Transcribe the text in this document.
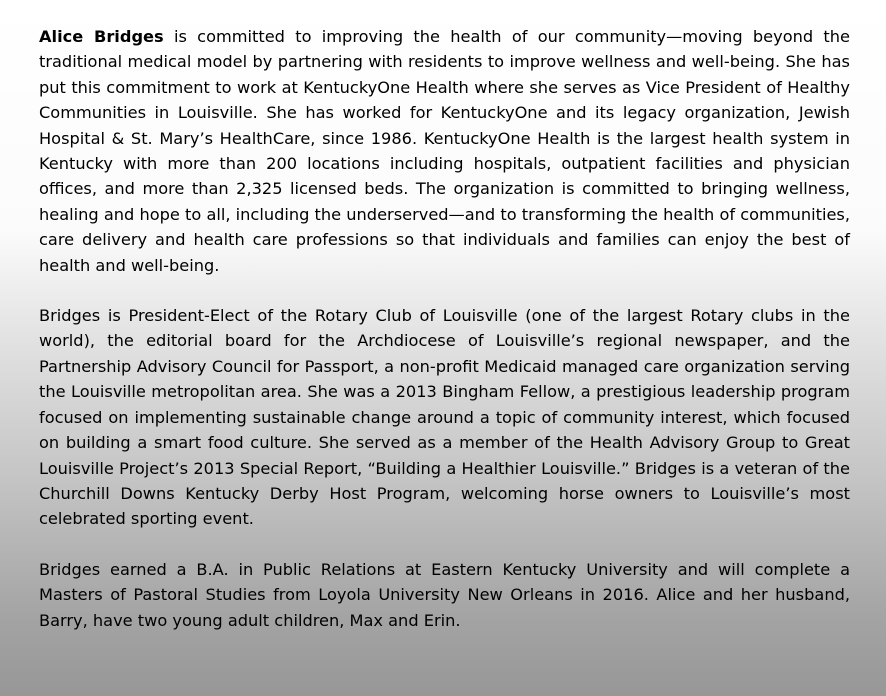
Alice Bridges is committed to improving the health of our community—moving beyond the traditional medical model by partnering with residents to improve wellness and well-being. She has put this commitment to work at KentuckyOne Health where she serves as Vice President of Healthy Communities in Louisville. She has worked for KentuckyOne and its legacy organization, Jewish Hospital & St. Mary’s HealthCare, since 1986. KentuckyOne Health is the largest health system in Kentucky with more than 200 locations including hospitals, outpatient facilities and physician offices, and more than 2,325 licensed beds. The organization is committed to bringing wellness, healing and hope to all, including the underserved—and to transforming the health of communities, care delivery and health care professions so that individuals and families can enjoy the best of health and well-being.

Bridges is President-Elect of the Rotary Club of Louisville (one of the largest Rotary clubs in the world), the editorial board for the Archdiocese of Louisville’s regional newspaper, and the Partnership Advisory Council for Passport, a non-profit Medicaid managed care organization serving the Louisville metropolitan area. She was a 2013 Bingham Fellow, a prestigious leadership program focused on implementing sustainable change around a topic of community interest, which focused on building a smart food culture. She served as a member of the Health Advisory Group to Great Louisville Project’s 2013 Special Report, “Building a Healthier Louisville.” Bridges is a veteran of the Churchill Downs Kentucky Derby Host Program, welcoming horse owners to Louisville’s most celebrated sporting event.

Bridges earned a B.A. in Public Relations at Eastern Kentucky University and will complete a Masters of Pastoral Studies from Loyola University New Orleans in 2016. Alice and her husband, Barry, have two young adult children, Max and Erin.
